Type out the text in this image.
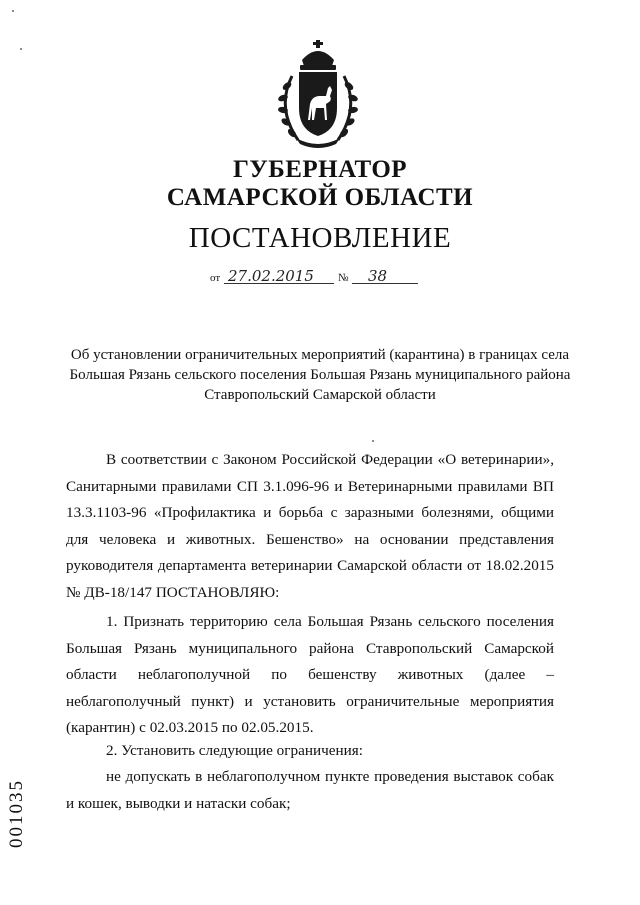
ГУБЕРНАТОР
САМАРСКОЙ ОБЛАСТИ
ПОСТАНОВЛЕНИЕ
от 27.02.2015 № 38
Об установлении ограничительных мероприятий (карантина) в границах села Большая Рязань сельского поселения Большая Рязань муниципального района Ставропольский Самарской области

В соответствии с Законом Российской Федерации «О ветеринарии», Санитарными правилами СП 3.1.096-96 и Ветеринарными правилами ВП 13.3.1103-96 «Профилактика и борьба с заразными болезнями, общими для человека и животных. Бешенство» на основании представления руководителя департамента ветеринарии Самарской области от 18.02.2015 № ДВ-18/147 ПОСТАНОВЛЯЮ:

1. Признать территорию села Большая Рязань сельского поселения Большая Рязань муниципального района Ставропольский Самарской области неблагополучной по бешенству животных (далее – неблагополучный пункт) и установить ограничительные мероприятия (карантин) с 02.03.2015 по 02.05.2015.

2. Установить следующие ограничения:

не допускать в неблагополучном пункте проведения выставок собак и кошек, выводки и натаски собак;

001035
